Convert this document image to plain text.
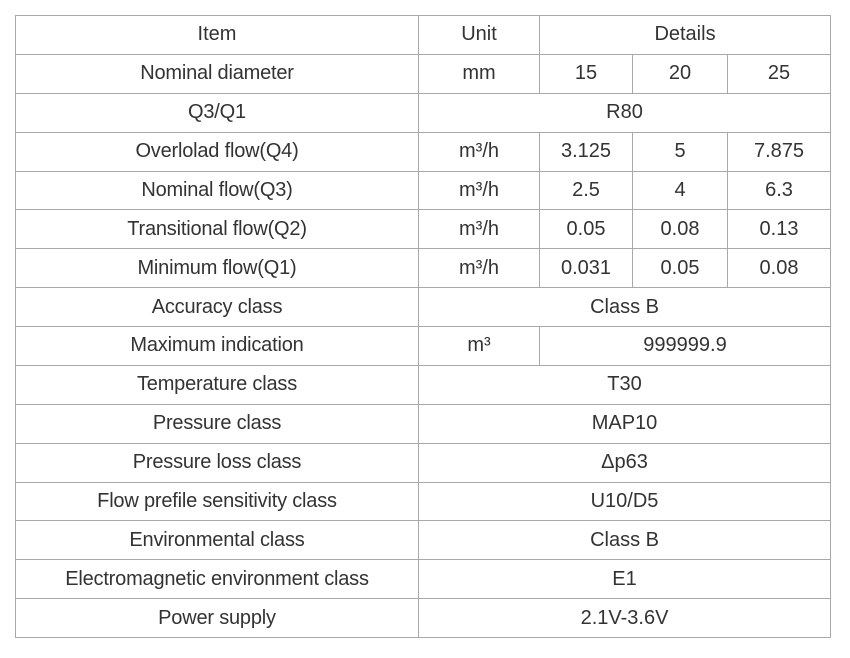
Item	Unit	Details		
Nominal diameter	mm	15	20	25
Q3/Q1	R80			
Overlolad flow(Q4)	m³/h	3.125	5	7.875
Nominal flow(Q3)	m³/h	2.5	4	6.3
Transitional flow(Q2)	m³/h	0.05	0.08	0.13
Minimum flow(Q1)	m³/h	0.031	0.05	0.08
Accuracy class	Class B			
Maximum indication	m³	999999.9		
Temperature class	T30			
Pressure class	MAP10			
Pressure loss class	Δp63			
Flow prefile sensitivity class	U10/D5			
Environmental class	Class B			
Electromagnetic environment class	E1			
Power supply	2.1V-3.6V			
